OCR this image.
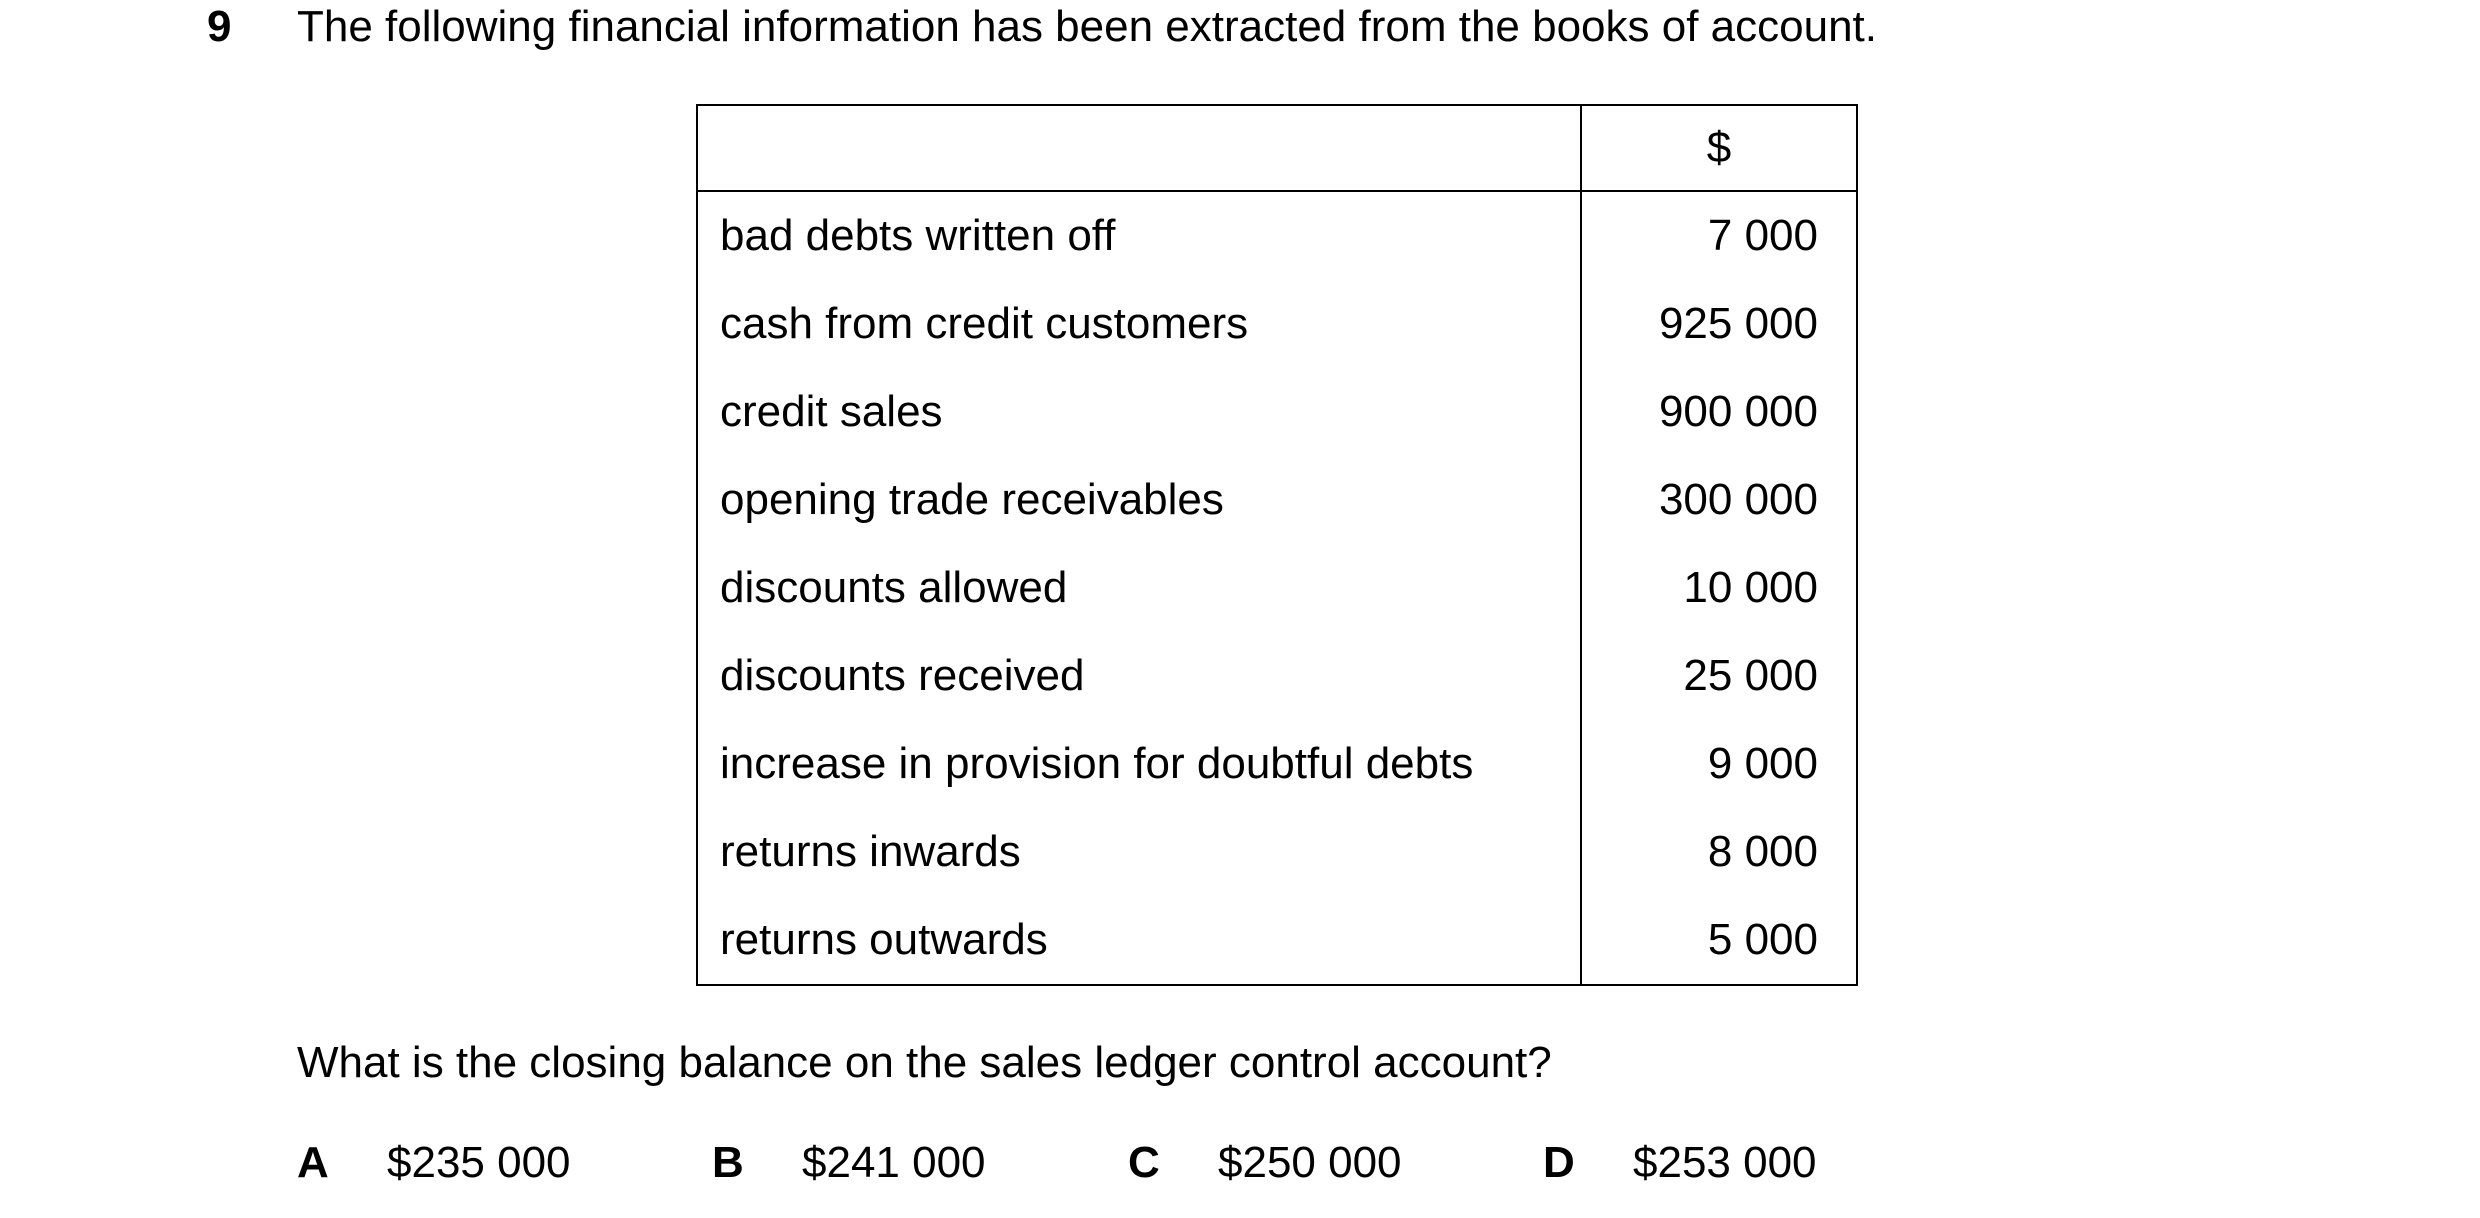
9 The following financial information has been extracted from the books of account.
	$
bad debts written off	7 000
cash from credit customers	925 000
credit sales	900 000
opening trade receivables	300 000
discounts allowed	10 000
discounts received	25 000
increase in provision for doubtful debts	9 000
returns inwards	8 000
returns outwards	5 000
What is the closing balance on the sales ledger control account?
A $235 000	B $241 000	C $250 000	D $253 000
